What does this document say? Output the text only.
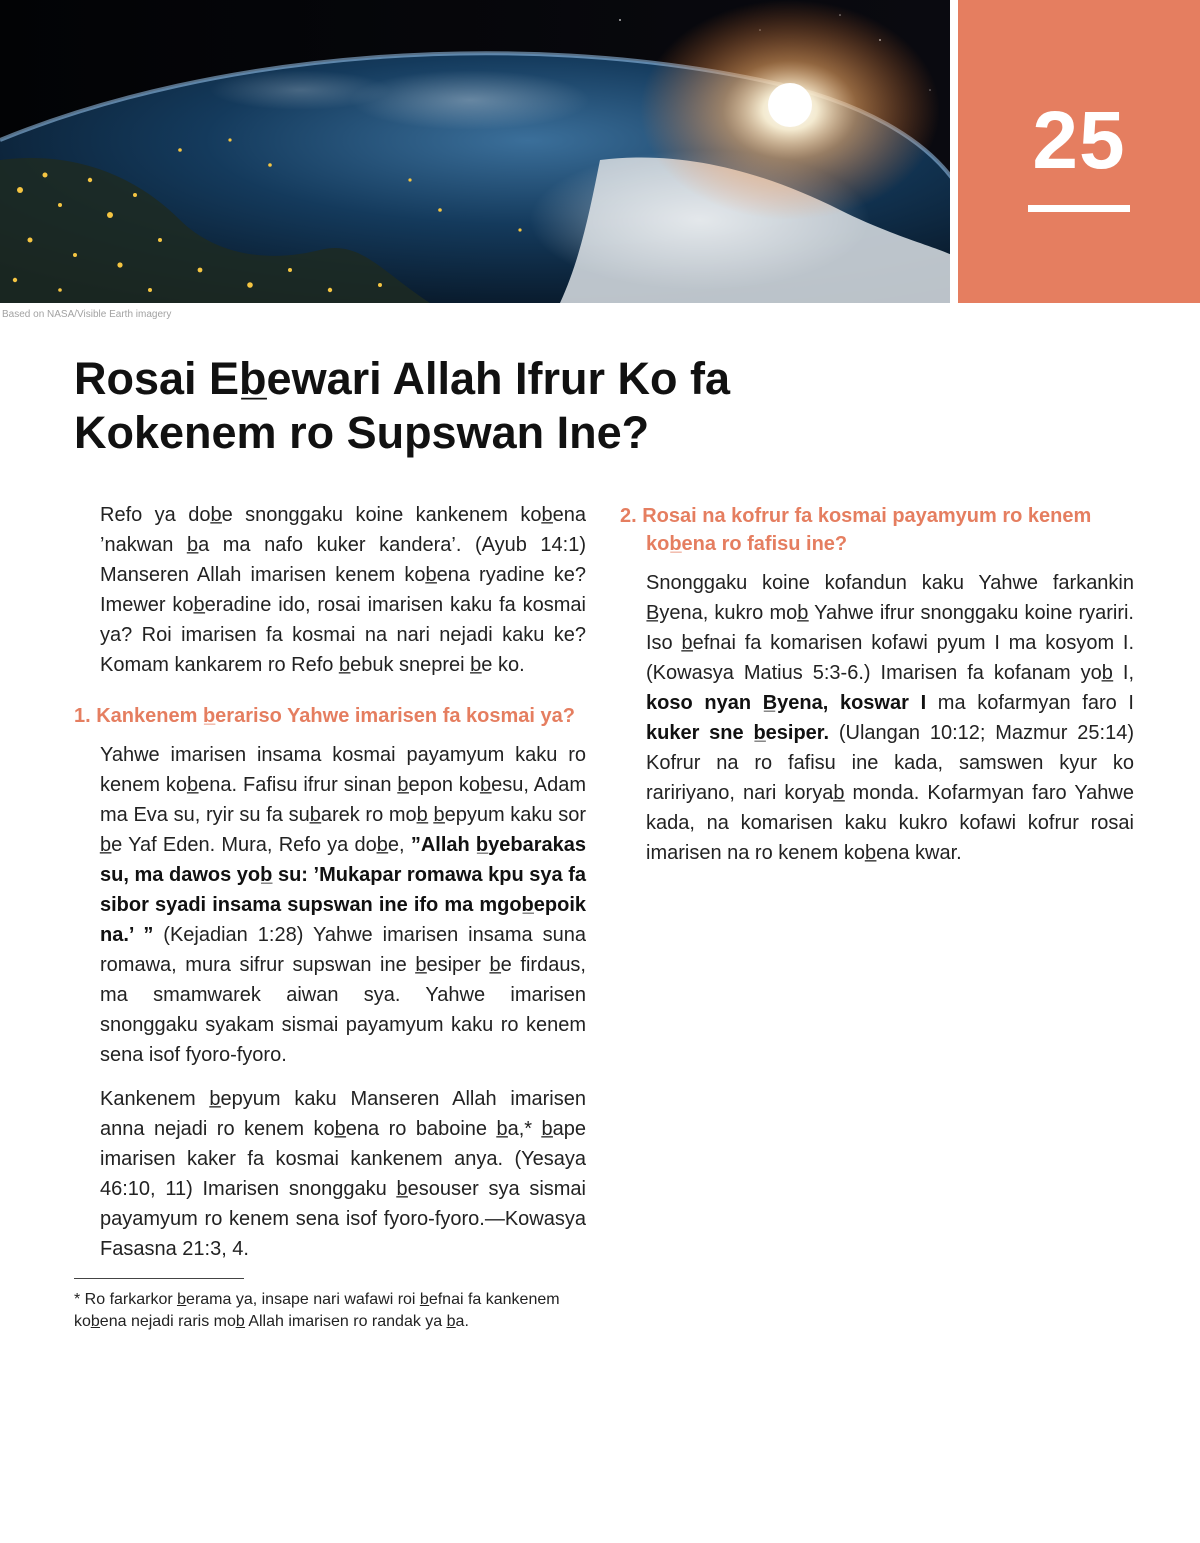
25
Based on NASA/Visible Earth imagery
Rosai Eb̲ewari Allah Ifrur Ko fa
Kokenem ro Supswan Ine?

Refo ya dob̲e snonggaku koine kankenem kob̲ena ’nakwan b̲a ma nafo kuker kandera’. (Ayub 14:1) Manseren Allah imarisen kenem kob̲ena ryadine ke? Imewer kob̲eradine ido, rosai imarisen kaku fa kosmai ya? Roi imarisen fa kosmai na nari nejadi kaku ke? Komam kankarem ro Refo b̲ebuk sneprei b̲e ko.

1. Kankenem b̲erariso Yahwe imarisen fa kosmai ya?

Yahwe imarisen insama kosmai payamyum kaku ro kenem kob̲ena. Fafisu ifrur sinan b̲epon kob̲esu, Adam ma Eva su, ryir su fa sub̲arek ro mob̲ b̲epyum kaku sor b̲e Yaf Eden. Mura, Refo ya dob̲e, ”Allah b̲yebarakas su, ma dawos yob̲ su: ’Mukapar romawa kpu sya fa sibor syadi insama supswan ine ifo ma mgob̲epoik na.’ ” (Kejadian 1:28) Yahwe imarisen insama suna romawa, mura sifrur supswan ine b̲esiper b̲e firdaus, ma smamwarek aiwan sya. Yahwe imarisen snonggaku syakam sismai payamyum kaku ro kenem sena isof fyoro-fyoro.

Kankenem b̲epyum kaku Manseren Allah imarisen anna nejadi ro kenem kob̲ena ro baboine b̲a,* b̲ape imarisen kaker fa kosmai kankenem anya. (Yesaya 46:10, 11) Imarisen snonggaku b̲esouser sya sismai payamyum ro kenem sena isof fyoro-fyoro.—Kowasya Fasasna 21:3, 4.

* Ro farkarkor b̲erama ya, insape nari wafawi roi b̲efnai fa kankenem kob̲ena nejadi raris mob̲ Allah imarisen ro randak ya b̲a.

2. Rosai na kofrur fa kosmai payamyum ro kenem kob̲ena ro fafisu ine?

Snonggaku koine kofandun kaku Yahwe farkankin B̲yena, kukro mob̲ Yahwe ifrur snonggaku koine ryariri. Iso b̲efnai fa komarisen kofawi pyum I ma kosyom I. (Kowasya Matius 5:3-6.) Imarisen fa kofanam yob̲ I, koso nyan B̲yena, koswar I ma kofarmyan faro I kuker sne b̲esiper. (Ulangan 10:12; Mazmur 25:14) Kofrur na ro fafisu ine kada, samswen kyur ko raririyano, nari koryab̲ monda. Kofarmyan faro Yahwe kada, na komarisen kaku kukro kofawi kofrur rosai imarisen na ro kenem kob̲ena kwar.
